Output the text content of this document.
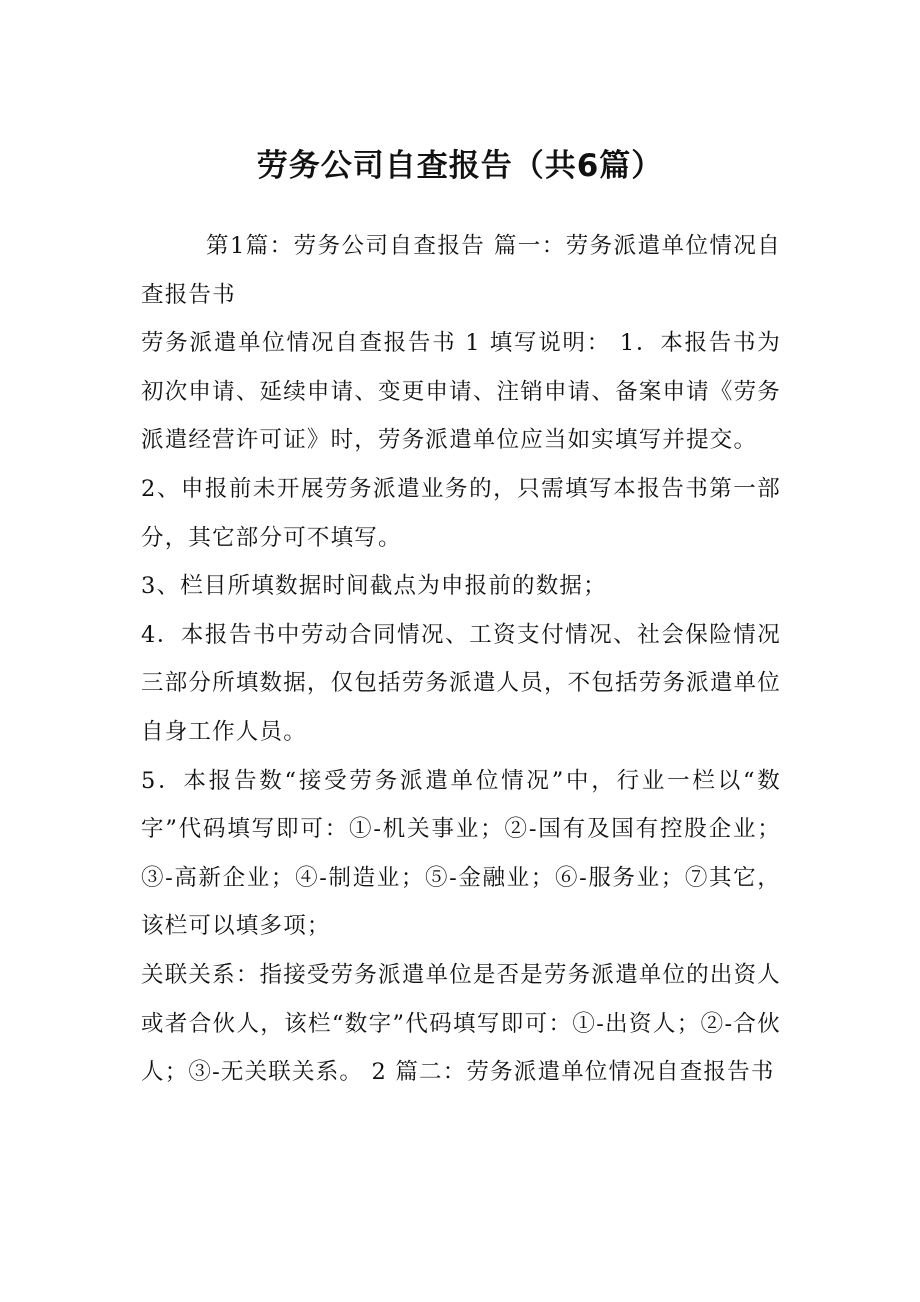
劳务公司自查报告（共6篇）

第1篇：劳务公司自查报告 篇一：劳务派遣单位情况自查报告书

劳务派遣单位情况自查报告书 1 填写说明： 1．本报告书为初次申请、延续申请、变更申请、注销申请、备案申请《劳务派遣经营许可证》时，劳务派遣单位应当如实填写并提交。

2、申报前未开展劳务派遣业务的，只需填写本报告书第一部分，其它部分可不填写。

3、栏目所填数据时间截点为申报前的数据；

4．本报告书中劳动合同情况、工资支付情况、社会保险情况三部分所填数据，仅包括劳务派遣人员，不包括劳务派遣单位自身工作人员。

5．本报告数“接受劳务派遣单位情况”中，行业一栏以“数字”代码填写即可：①-机关事业；②-国有及国有控股企业；③-高新企业；④-制造业；⑤-金融业；⑥-服务业；⑦其它，该栏可以填多项；

关联关系：指接受劳务派遣单位是否是劳务派遣单位的出资人或者合伙人，该栏“数字”代码填写即可：①-出资人；②-合伙人；③-无关联关系。 2 篇二：劳务派遣单位情况自查报告书
